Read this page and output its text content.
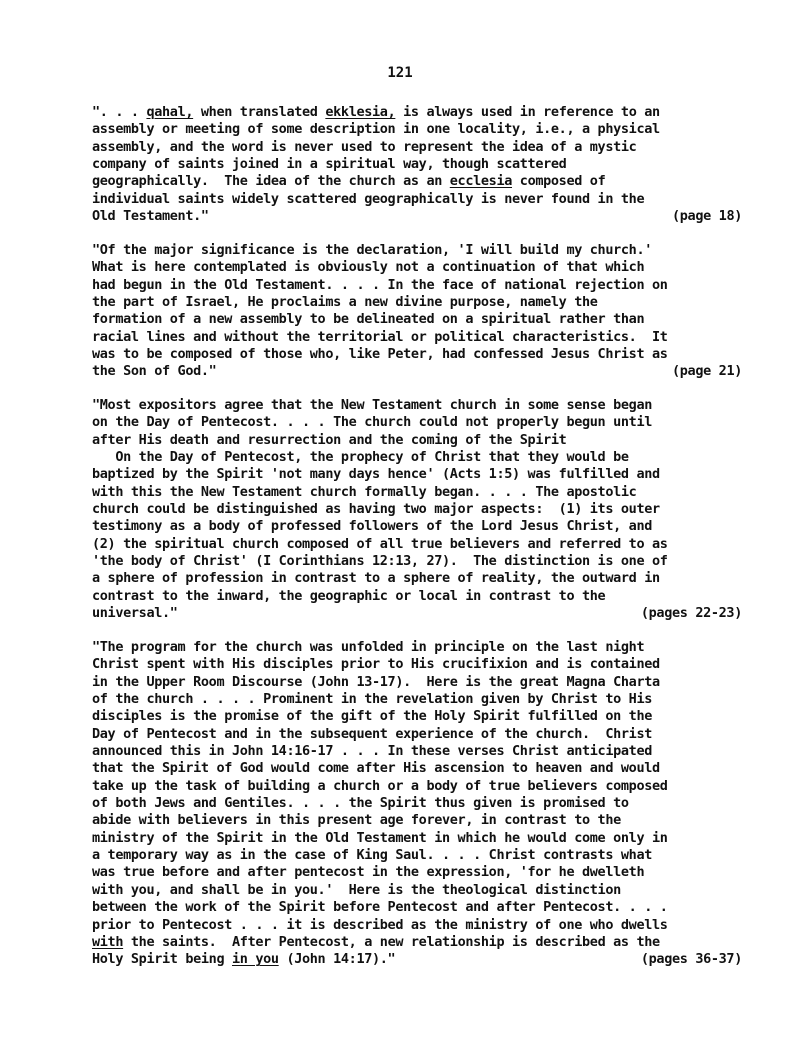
121
". . . qahal, when translated ekklesia, is always used in reference to an
assembly or meeting of some description in one locality, i.e., a physical
assembly, and the word is never used to represent the idea of a mystic
company of saints joined in a spiritual way, though scattered
geographically.  The idea of the church as an ecclesia composed of
individual saints widely scattered geographically is never found in the
Old Testament."	(page 18)
"Of the major significance is the declaration, 'I will build my church.'
What is here contemplated is obviously not a continuation of that which
had begun in the Old Testament. . . . In the face of national rejection on
the part of Israel, He proclaims a new divine purpose, namely the
formation of a new assembly to be delineated on a spiritual rather than
racial lines and without the territorial or political characteristics.  It
was to be composed of those who, like Peter, had confessed Jesus Christ as
the Son of God."	(page 21)
"Most expositors agree that the New Testament church in some sense began
on the Day of Pentecost. . . . The church could not properly begun until
after His death and resurrection and the coming of the Spirit
On the Day of Pentecost, the prophecy of Christ that they would be
baptized by the Spirit 'not many days hence' (Acts 1:5) was fulfilled and
with this the New Testament church formally began. . . . The apostolic
church could be distinguished as having two major aspects:  (1) its outer
testimony as a body of professed followers of the Lord Jesus Christ, and
(2) the spiritual church composed of all true believers and referred to as
'the body of Christ' (I Corinthians 12:13, 27).  The distinction is one of
a sphere of profession in contrast to a sphere of reality, the outward in
contrast to the inward, the geographic or local in contrast to the
universal."	(pages 22-23)
"The program for the church was unfolded in principle on the last night
Christ spent with His disciples prior to His crucifixion and is contained
in the Upper Room Discourse (John 13-17).  Here is the great Magna Charta
of the church . . . . Prominent in the revelation given by Christ to His
disciples is the promise of the gift of the Holy Spirit fulfilled on the
Day of Pentecost and in the subsequent experience of the church.  Christ
announced this in John 14:16-17 . . . In these verses Christ anticipated
that the Spirit of God would come after His ascension to heaven and would
take up the task of building a church or a body of true believers composed
of both Jews and Gentiles. . . . the Spirit thus given is promised to
abide with believers in this present age forever, in contrast to the
ministry of the Spirit in the Old Testament in which he would come only in
a temporary way as in the case of King Saul. . . . Christ contrasts what
was true before and after pentecost in the expression, 'for he dwelleth
with you, and shall be in you.'  Here is the theological distinction
between the work of the Spirit before Pentecost and after Pentecost. . . .
prior to Pentecost . . . it is described as the ministry of one who dwells
with the saints.  After Pentecost, a new relationship is described as the
Holy Spirit being in you (John 14:17)."	(pages 36-37)
